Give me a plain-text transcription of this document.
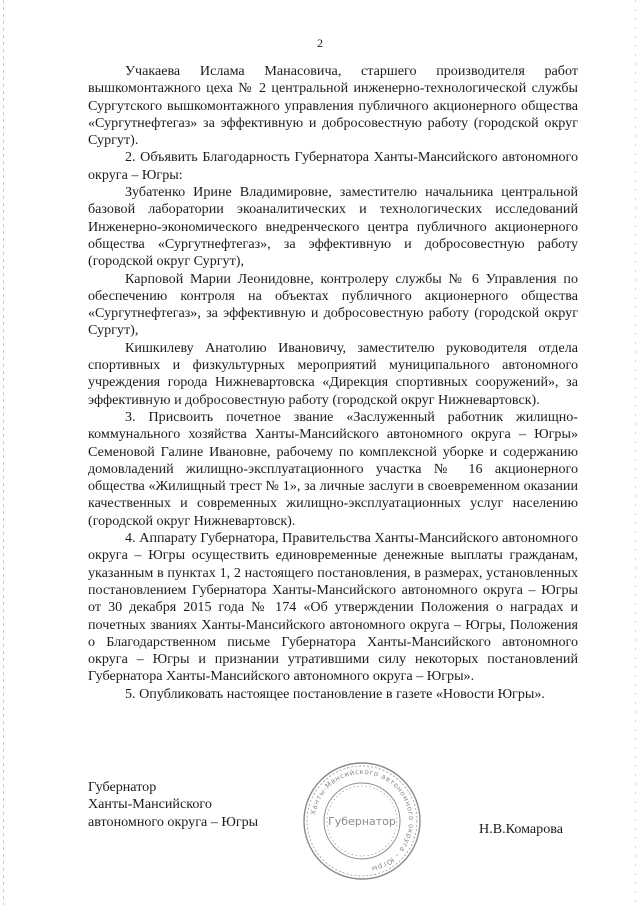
2

Учакаева Ислама Манасовича, старшего производителя работ вышкомонтажного цеха № 2 центральной инженерно-технологической службы Сургутского вышкомонтажного управления публичного акционерного общества «Сургутнефтегаз» за эффективную и добросовестную работу (городской округ Сургут).

2. Объявить Благодарность Губернатора Ханты-Мансийского автономного округа – Югры:

Зубатенко Ирине Владимировне, заместителю начальника центральной базовой лаборатории экоаналитических и технологических исследований Инженерно-экономического внедренческого центра публичного акционерного общества «Сургутнефтегаз», за эффективную и добросовестную работу (городской округ Сургут),

Карповой Марии Леонидовне, контролеру службы № 6 Управления по обеспечению контроля на объектах публичного акционерного общества «Сургутнефтегаз», за эффективную и добросовестную работу (городской округ Сургут),

Кишкилеву Анатолию Ивановичу, заместителю руководителя отдела спортивных и физкультурных мероприятий муниципального автономного учреждения города Нижневартовска «Дирекция спортивных сооружений», за эффективную и добросовестную работу (городской округ Нижневартовск).

3. Присвоить почетное звание «Заслуженный работник жилищно-коммунального хозяйства Ханты-Мансийского автономного округа – Югры» Семеновой Галине Ивановне, рабочему по комплексной уборке и содержанию домовладений жилищно-эксплуатационного участка № 16 акционерного общества «Жилищный трест № 1», за личные заслуги в своевременном оказании качественных и современных жилищно-эксплуатационных услуг населению (городской округ Нижневартовск).

4. Аппарату Губернатора, Правительства Ханты-Мансийского автономного округа – Югры осуществить единовременные денежные выплаты гражданам, указанным в пунктах 1, 2 настоящего постановления, в размерах, установленных постановлением Губернатора Ханты-Мансийского автономного округа – Югры от 30 декабря 2015 года № 174 «Об утверждении Положения о наградах и почетных званиях Ханты-Мансийского автономного округа – Югры, Положения о Благодарственном письме Губернатора Ханты-Мансийского автономного округа – Югры и признании утратившими силу некоторых постановлений Губернатора Ханты-Мансийского автономного округа – Югры».

5. Опубликовать настоящее постановление в газете «Новости Югры».

Губернатор
Ханты-Мансийского
автономного округа – Югры
Ханты-Мансийского автономного округа – Югры
Губернатор	Н.В.Комарова
